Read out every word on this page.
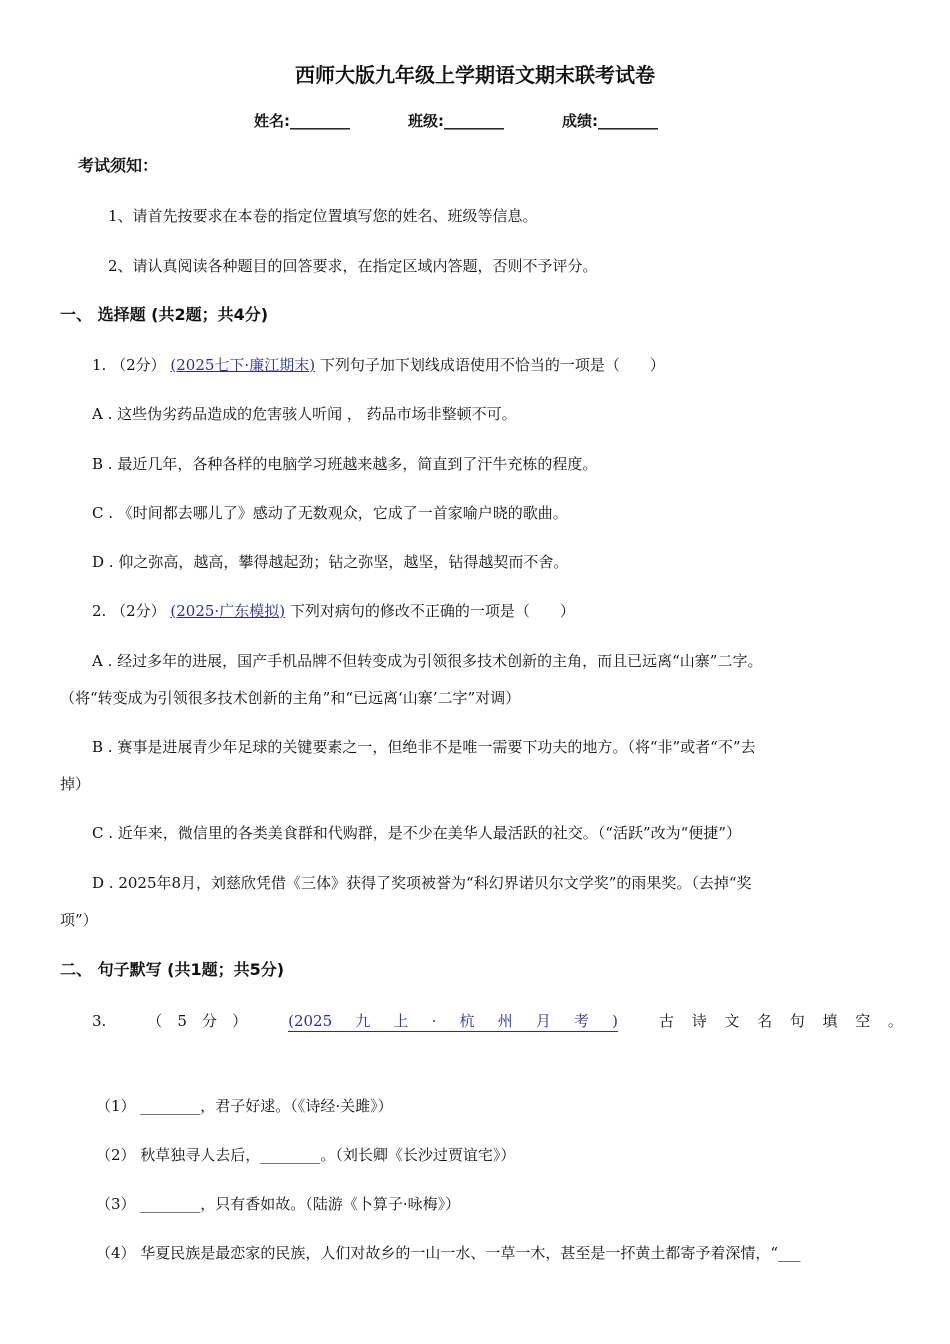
西师大版九年级上学期语文期末联考试卷
姓名:________	班级:________	成绩:________
考试须知：
1、请首先按要求在本卷的指定位置填写您的姓名、班级等信息。
2、请认真阅读各种题目的回答要求，在指定区域内答题，否则不予评分。
一、 选择题 (共2题；共4分)
1. （2分） (2025七下·廉江期末) 下列句子加下划线成语使用不恰当的一项是（　　）
A . 这些伪劣药品造成的危害骇人听闻 ， 药品市场非整顿不可。
B . 最近几年，各种各样的电脑学习班越来越多，简直到了汗牛充栋的程度。
C . 《时间都去哪儿了》感动了无数观众，它成了一首家喻户晓的歌曲。
D . 仰之弥高，越高，攀得越起劲；钻之弥坚，越坚，钻得越契而不舍。
2. （2分） (2025·广东模拟) 下列对病句的修改不正确的一项是（　　）
A . 经过多年的进展，国产手机品牌不但转变成为引领很多技术创新的主角，而且已远离“山寨”二字。
（将“转变成为引领很多技术创新的主角”和“已远离‘山寨’二字”对调）
B . 赛事是进展青少年足球的关键要素之一，但绝非不是唯一需要下功夫的地方。（将“非”或者“不”去
掉）
C . 近年来，微信里的各类美食群和代购群，是不少在美华人最活跃的社交。（“活跃”改为“便捷”）
D . 2025年8月，刘慈欣凭借《三体》获得了奖项被誉为“科幻界诺贝尔文学奖”的雨果奖。（去掉“奖
项”）
二、 句子默写 (共1题；共5分)
3.	（ 5 分 ）	(2025 九 上 · 杭 州 月 考 )	古 诗 文 名 句 填 空 。
（1） ________，君子好逑。（《诗经·关雎》）
（2） 秋草独寻人去后，________。（刘长卿《长沙过贾谊宅》）
（3） ________，只有香如故。（陆游《卜算子·咏梅》）
（4） 华夏民族是最恋家的民族，人们对故乡的一山一水、一草一木，甚至是一抔黄土都寄予着深情，“___
